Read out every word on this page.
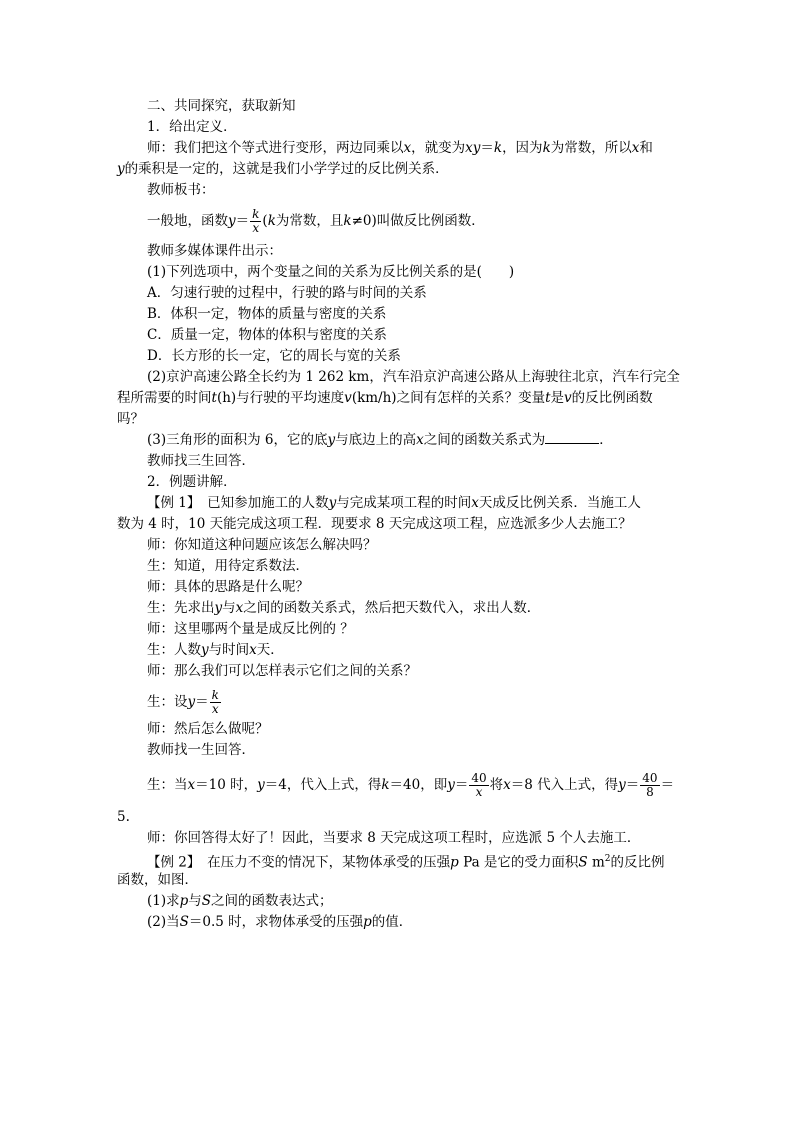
二、共同探究，获取新知
1．给出定义．
师：我们把这个等式进行变形，两边同乘以x，就变为xy＝k，因为k为常数，所以x和
y的乘积是一定的，这就是我们小学学过的反比例关系．
教师板书：
一般地，函数$y= \frac{k}{x} (k$为常数，且k≠0)叫做反比例函数．
教师多媒体课件出示：
(1)下列选项中，两个变量之间的关系为反比例关系的是(　　)
A．匀速行驶的过程中，行驶的路与时间的关系
B．体积一定，物体的质量与密度的关系
C．质量一定，物体的体积与密度的关系
D．长方形的长一定，它的周长与宽的关系
(2)京沪高速公路全长约为 1 262 km，汽车沿京沪高速公路从上海驶往北京，汽车行完全
程所需要的时间t(h)与行驶的平均速度v(km/h)之间有怎样的关系？变量t是v的反比例函数
吗？
(3)三角形的面积为 6，它的底y与底边上的高x之间的函数关系式为	．
教师找三生回答．
2．例题讲解．
【例 1】　已知参加施工的人数y与完成某项工程的时间x天成反比例关系．当施工人
数为 4 时，10 天能完成这项工程．现要求 8 天完成这项工程，应选派多少人去施工？
师：你知道这种问题应该怎么解决吗？
生：知道，用待定系数法．
师：具体的思路是什么呢？
生：先求出y与x之间的函数关系式，然后把天数代入，求出人数．
师：这里哪两个量是成反比例的 ？
生：人数y与时间x天．
师：那么我们可以怎样表示它们之间的关系？
生：设$y= \frac{k}{x}$
师：然后怎么做呢？
教师找一生回答．
生：当x＝10 时，y＝4，代入上式，得k＝40，即$y= \frac{40}{x}$ 将x＝8 代入上式，得$y= \frac{40}{8}$ ＝
5.
师：你回答得太好了！因此，当要求 8 天完成这项工程时，应选派 5 个人去施工．
【例 2】　在压力不变的情况下，某物体承受的压强p Pa 是它的受力面积S $m^2$的反比例
函数，如图．
(1)求p与S之间的函数表达式；
(2)当S＝0.5 时，求物体承受的压强p的值．
